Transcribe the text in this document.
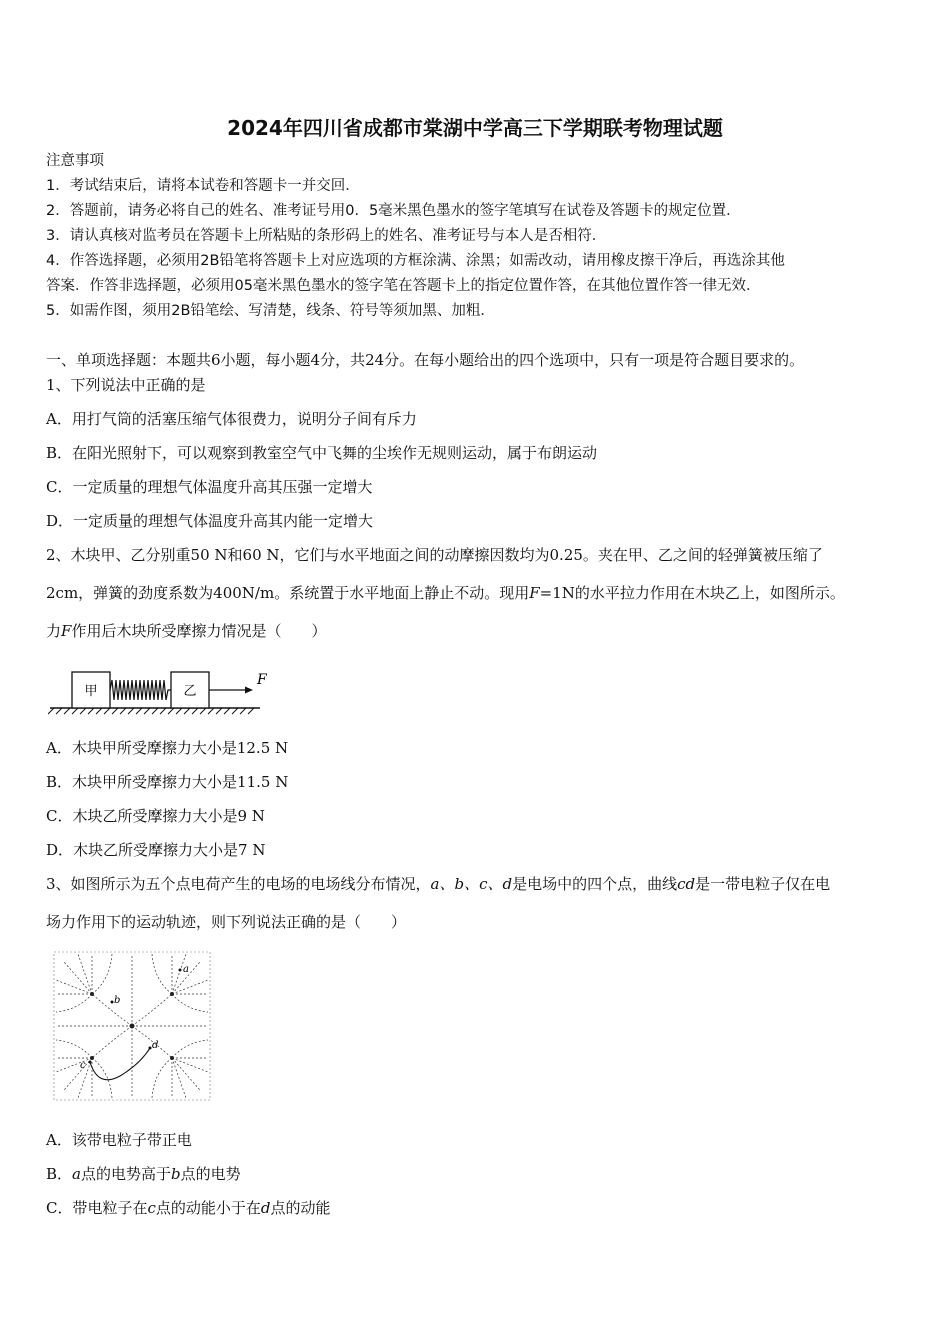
2024年四川省成都市棠湖中学高三下学期联考物理试题
注意事项
1．考试结束后，请将本试卷和答题卡一并交回．
2．答题前，请务必将自己的姓名、准考证号用0．5毫米黑色墨水的签字笔填写在试卷及答题卡的规定位置．
3．请认真核对监考员在答题卡上所粘贴的条形码上的姓名、准考证号与本人是否相符．
4．作答选择题，必须用2B铅笔将答题卡上对应选项的方框涂满、涂黑；如需改动，请用橡皮擦干净后，再选涂其他
答案．作答非选择题，必须用05毫米黑色墨水的签字笔在答题卡上的指定位置作答，在其他位置作答一律无效．
5．如需作图，须用2B铅笔绘、写清楚，线条、符号等须加黑、加粗．
一、单项选择题：本题共6小题，每小题4分，共24分。在每小题给出的四个选项中，只有一项是符合题目要求的。
1、下列说法中正确的是
A．用打气筒的活塞压缩气体很费力，说明分子间有斥力
B．在阳光照射下，可以观察到教室空气中飞舞的尘埃作无规则运动，属于布朗运动
C．一定质量的理想气体温度升高其压强一定增大
D．一定质量的理想气体温度升高其内能一定增大
2、木块甲、乙分别重50 N和60 N，它们与水平地面之间的动摩擦因数均为0.25。夹在甲、乙之间的轻弹簧被压缩了
2cm，弹簧的劲度系数为400N/m。系统置于水平地面上静止不动。现用F=1N的水平拉力作用在木块乙上，如图所示。
力F作用后木块所受摩擦力情况是（　　）
甲	乙
F
A．木块甲所受摩擦力大小是12.5 N
B．木块甲所受摩擦力大小是11.5 N
C．木块乙所受摩擦力大小是9 N
D．木块乙所受摩擦力大小是7 N
3、如图所示为五个点电荷产生的电场的电场线分布情况，a、b、c、d是电场中的四个点，曲线cd是一带电粒子仅在电
场力作用下的运动轨迹，则下列说法正确的是（　　）
a
b
c
d
A．该带电粒子带正电
B．a点的电势高于b点的电势
C．带电粒子在c点的动能小于在d点的动能
